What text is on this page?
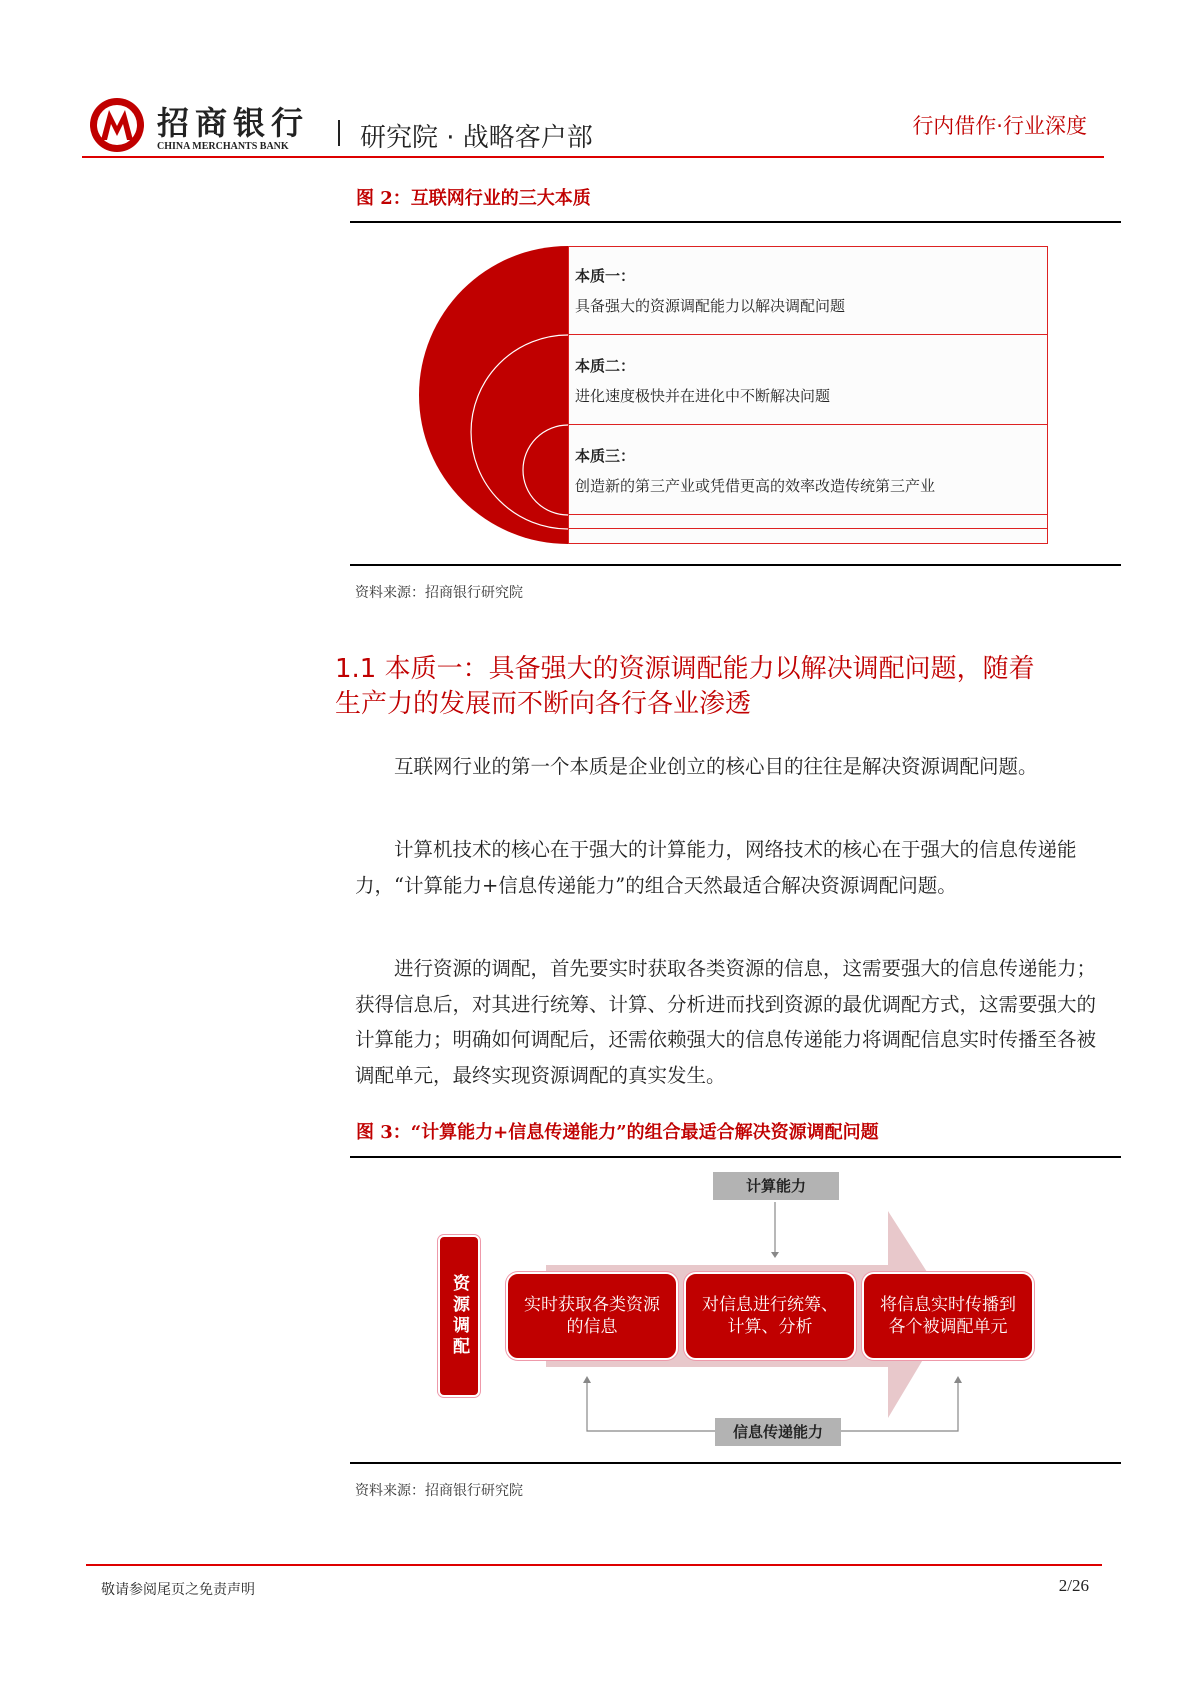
招商银行
CHINA MERCHANTS BANK	研究院 · 战略客户部	行内借作·行业深度
图 2：互联网行业的三大本质
本质一：
具备强大的资源调配能力以解决调配问题
本质二：
进化速度极快并在进化中不断解决问题
本质三：
创造新的第三产业或凭借更高的效率改造传统第三产业
资料来源：招商银行研究院
1.1 本质一：具备强大的资源调配能力以解决调配问题，随着
生产力的发展而不断向各行各业渗透
互联网行业的第一个本质是企业创立的核心目的往往是解决资源调配问题。
计算机技术的核心在于强大的计算能力，网络技术的核心在于强大的信息传递能力，“计算能力+信息传递能力”的组合天然最适合解决资源调配问题。
进行资源的调配，首先要实时获取各类资源的信息，这需要强大的信息传递能力；获得信息后，对其进行统筹、计算、分析进而找到资源的最优调配方式，这需要强大的计算能力；明确如何调配后，还需依赖强大的信息传递能力将调配信息实时传播至各被调配单元，最终实现资源调配的真实发生。
图 3：“计算能力+信息传递能力”的组合最适合解决资源调配问题
计算能力
信息传递能力
资源调配	实时获取各类资源的信息
对信息进行统筹、计算、分析
将信息实时传播到各个被调配单元
资料来源：招商银行研究院
敬请参阅尾页之免责声明	2/26
